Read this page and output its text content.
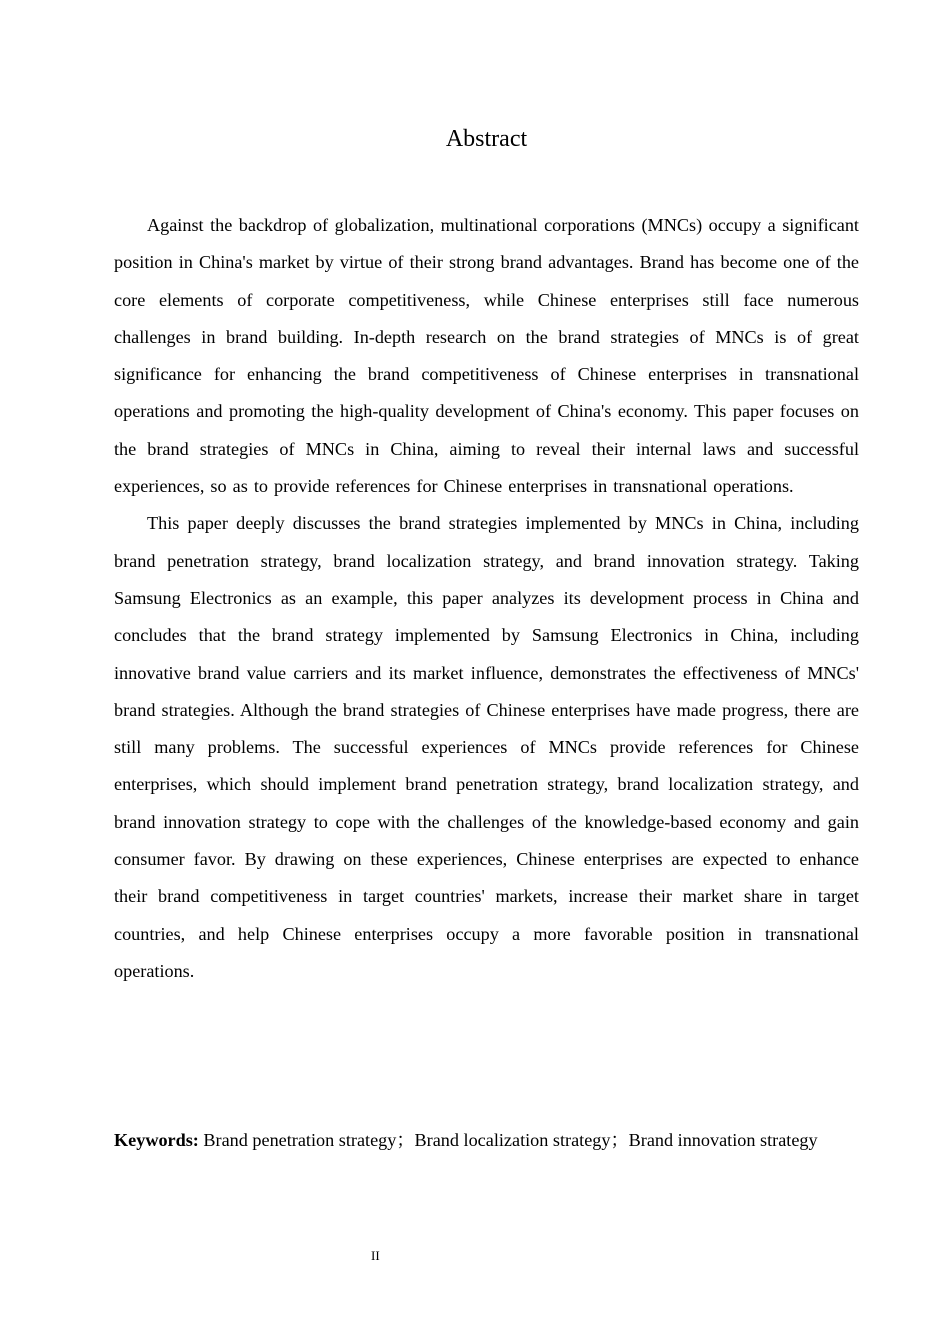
Abstract

Against the backdrop of globalization, multinational corporations (MNCs) occupy a significant position in China's market by virtue of their strong brand advantages. Brand has become one of the core elements of corporate competitiveness, while Chinese enterprises still face numerous challenges in brand building. In-depth research on the brand strategies of MNCs is of great significance for enhancing the brand competitiveness of Chinese enterprises in transnational operations and promoting the high-quality development of China's economy. This paper focuses on the brand strategies of MNCs in China, aiming to reveal their internal laws and successful experiences, so as to provide references for Chinese enterprises in transnational operations.

This paper deeply discusses the brand strategies implemented by MNCs in China, including brand penetration strategy, brand localization strategy, and brand innovation strategy. Taking Samsung Electronics as an example, this paper analyzes its development process in China and concludes that the brand strategy implemented by Samsung Electronics in China, including innovative brand value carriers and its market influence, demonstrates the effectiveness of MNCs' brand strategies. Although the brand strategies of Chinese enterprises have made progress, there are still many problems. The successful experiences of MNCs provide references for Chinese enterprises, which should implement brand penetration strategy, brand localization strategy, and brand innovation strategy to cope with the challenges of the knowledge-based economy and gain consumer favor. By drawing on these experiences, Chinese enterprises are expected to enhance their brand competitiveness in target countries' markets, increase their market share in target countries, and help Chinese enterprises occupy a more favorable position in transnational operations.

Keywords: Brand penetration strategy；Brand localization strategy；Brand innovation strategy
II
